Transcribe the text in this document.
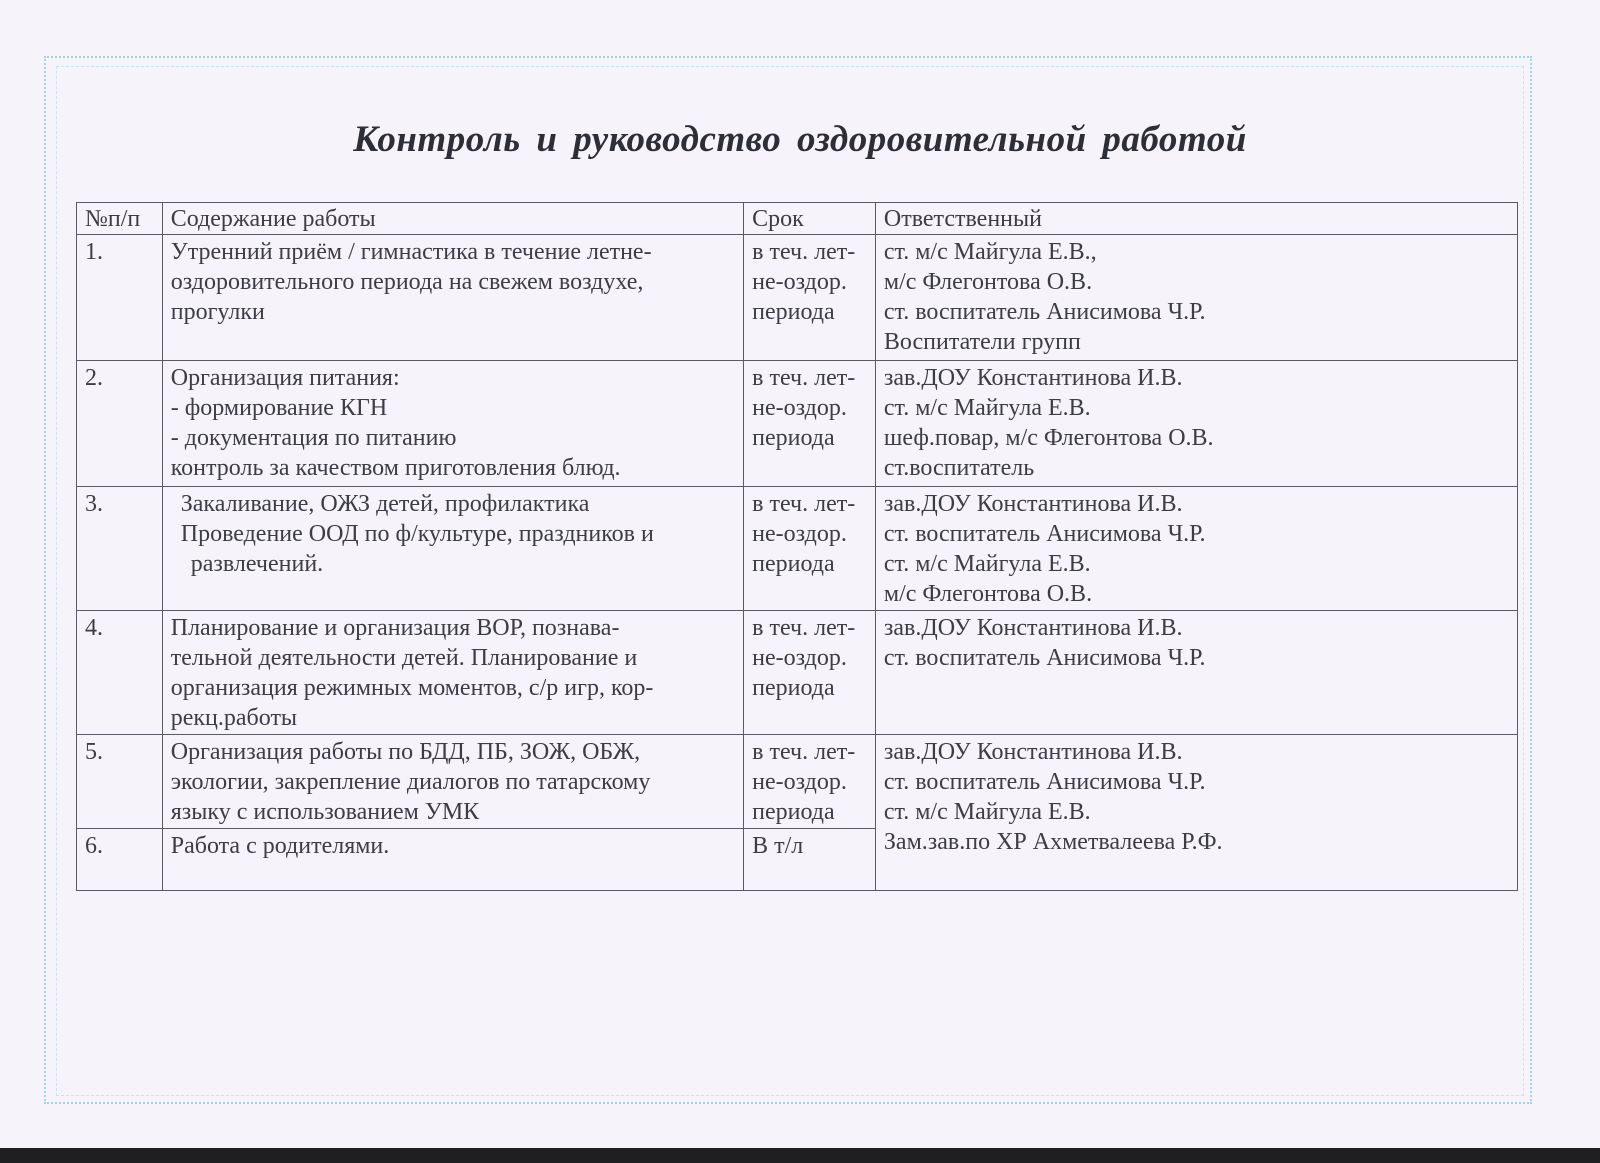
Контроль и руководство оздоровительной работой
№п/п	Содержание работы	Срок	Ответственный
1.	Утренний приём / гимнастика в течение летне-
оздоровительного периода на свежем воздухе,
прогулки	в теч. лет-
не-оздор.
периода	ст. м/с Майгула Е.В.,
м/с Флегонтова О.В.
ст. воспитатель Анисимова Ч.Р.
Воспитатели групп

2.	Организация питания:
- формирование КГН
- документация по питанию
контроль за качеством приготовления блюд.	в теч. лет-
не-оздор.
периода	зав.ДОУ Константинова И.В.
ст. м/с Майгула Е.В.
шеф.повар, м/с Флегонтова О.В.
ст.воспитатель

3.	Закаливание, ОЖЗ детей, профилактика
Проведение ООД по ф/культуре, праздников и
развлечений.	в теч. лет-
не-оздор.
периода	зав.ДОУ Константинова И.В.
ст. воспитатель Анисимова Ч.Р.
ст. м/с Майгула Е.В.
м/с Флегонтова О.В.

4.	Планирование и организация ВОР, познава-
тельной деятельности детей. Планирование и
организация режимных моментов, с/р игр, кор-
рекц.работы	в теч. лет-
не-оздор.
периода	зав.ДОУ Константинова И.В.
ст. воспитатель Анисимова Ч.Р.

5.	Организация работы по БДД, ПБ, ЗОЖ, ОБЖ,
экологии, закрепление диалогов по татарскому
языку с использованием УМК	в теч. лет-
не-оздор.
периода	зав.ДОУ Константинова И.В.
ст. воспитатель Анисимова Ч.Р.
ст. м/с Майгула Е.В.
Зам.зав.по ХР Ахметвалеева Р.Ф.

6.	Работа с родителями.	В т/л	
